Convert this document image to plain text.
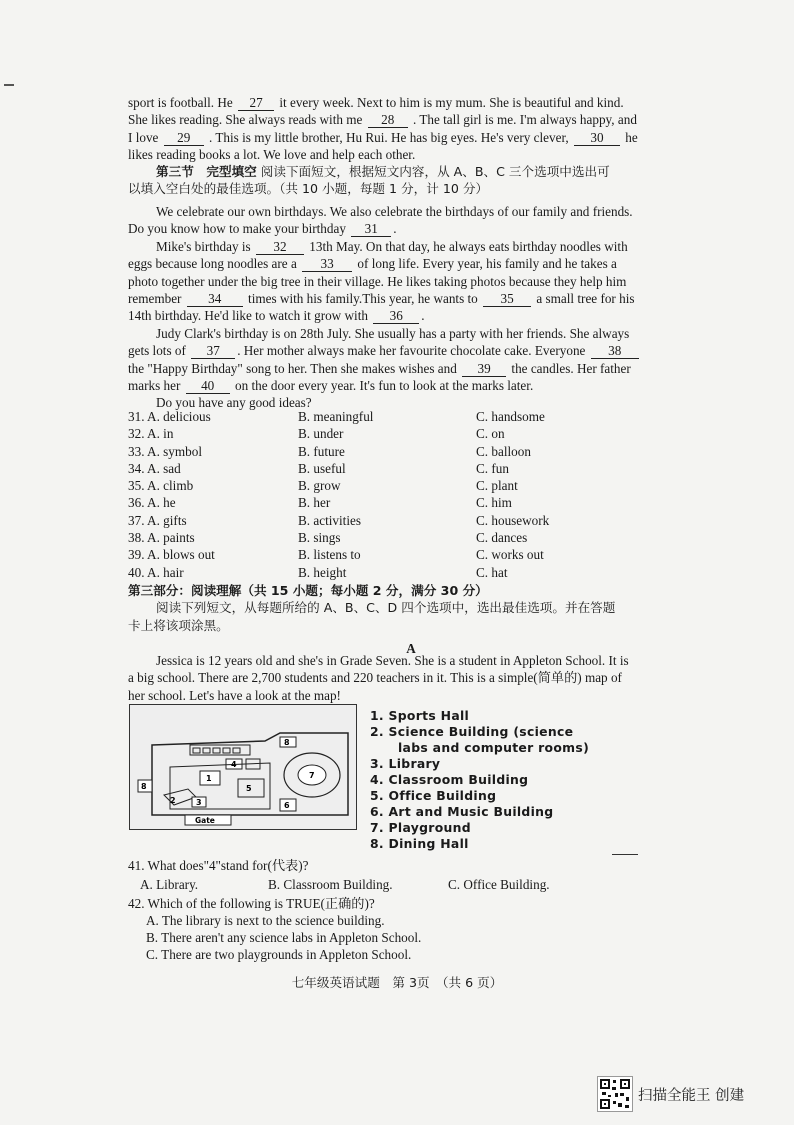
sport is football. He 27 it every week. Next to him is my mum. She is beautiful and kind.
She likes reading. She always reads with me 28 . The tall girl is me. I'm always happy, and
I love 29 . This is my little brother, Hu Rui. He has big eyes. He's very clever, 30 he
likes reading books a lot. We love and help each other.
第三节　完型填空 阅读下面短文，根据短文内容，从 A、B、C 三个选项中选出可
以填入空白处的最佳选项。（共 10 小题，每题 1 分，计 10 分）
We celebrate our own birthdays. We also celebrate the birthdays of our family and friends.
Do you know how to make your birthday 31 .
Mike's birthday is 32 13th May. On that day, he always eats birthday noodles with
eggs because long noodles are a 33 of long life. Every year, his family and he takes a
photo together under the big tree in their village. He likes taking photos because they help him
remember 34 times with his family.This year, he wants to 35 a small tree for his
14th birthday. He'd like to watch it grow with 36 .
Judy Clark's birthday is on 28th July. She usually has a party with her friends. She always
gets lots of 37 . Her mother always make her favourite chocolate cake. Everyone 38
the "Happy Birthday" song to her. Then she makes wishes and 39 the candles. Her father
marks her 40 on the door every year. It's fun to look at the marks later.
Do you have any good ideas?
31. A. delicious	B. meaningful	C. handsome
32. A. in	B. under	C. on
33. A. symbol	B. future	C. balloon
34. A. sad	B. useful	C. fun
35. A. climb	B. grow	C. plant
36. A. he	B. her	C. him
37. A. gifts	B. activities	C. housework
38. A. paints	B. sings	C. dances
39. A. blows out	B. listens to	C. works out
40. A. hair	B. height	C. hat
第三部分：阅读理解（共 15 小题；每小题 2 分，满分 30 分）
阅读下列短文，从每题所给的 A、B、C、D 四个选项中，选出最佳选项。并在答题
卡上将该项涂黑。
A
Jessica is 12 years old and she's in Grade Seven. She is a student in Appleton School. It is
a big school. There are 2,700 students and 220 teachers in it. This is a simple(简单的) map of
her school. Let's have a look at the map!
Gate
1
2	3
4
5
6
7
8
8
1. Sports Hall
2. Science Building (science
labs and computer rooms)
3. Library
4. Classroom Building
5. Office Building
6. Art and Music Building
7. Playground
8. Dining Hall
41. What does"4"stand for(代表)?
A. Library.	B. Classroom Building.	C. Office Building.
42. Which of the following is TRUE(正确的)?
A. The library is next to the science building.
B. There aren't any science labs in Appleton School.
C. There are two playgrounds in Appleton School.
七年级英语试题　第 3页　（共 6 页）
扫描全能王 创建
